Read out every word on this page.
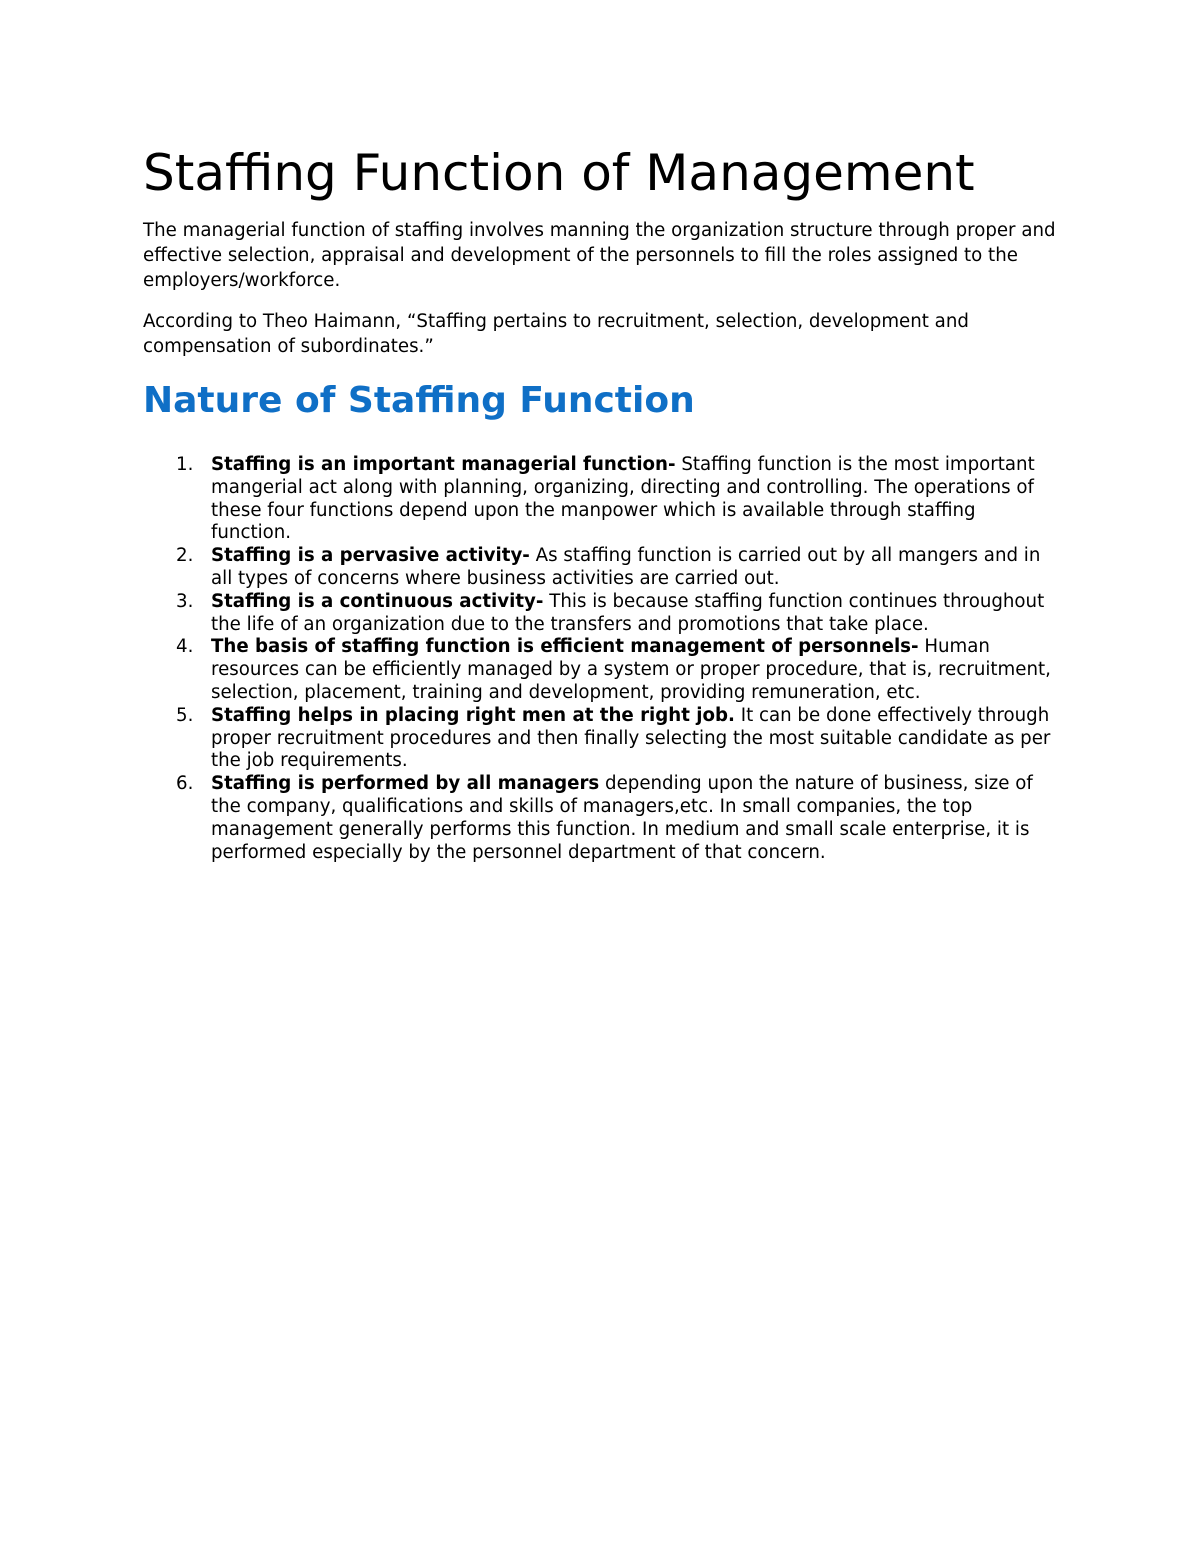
Staffing Function of Management

The managerial function of staffing involves manning the organization structure through proper and effective selection, appraisal and development of the personnels to fill the roles assigned to the employers/workforce.

According to Theo Haimann, “Staffing pertains to recruitment, selection, development and compensation of subordinates.”

Nature of Staffing Function
1. Staffing is an important managerial function- Staffing function is the most important mangerial act along with planning, organizing, directing and controlling. The operations of these four functions depend upon the manpower which is available through staffing function.
2. Staffing is a pervasive activity- As staffing function is carried out by all mangers and in all types of concerns where business activities are carried out.
3. Staffing is a continuous activity- This is because staffing function continues throughout the life of an organization due to the transfers and promotions that take place.
4. The basis of staffing function is efficient management of personnels- Human resources can be efficiently managed by a system or proper procedure, that is, recruitment, selection, placement, training and development, providing remuneration, etc.
5. Staffing helps in placing right men at the right job. It can be done effectively through proper recruitment procedures and then finally selecting the most suitable candidate as per the job requirements.
6. Staffing is performed by all managers depending upon the nature of business, size of the company, qualifications and skills of managers,etc. In small companies, the top management generally performs this function. In medium and small scale enterprise, it is performed especially by the personnel department of that concern.
